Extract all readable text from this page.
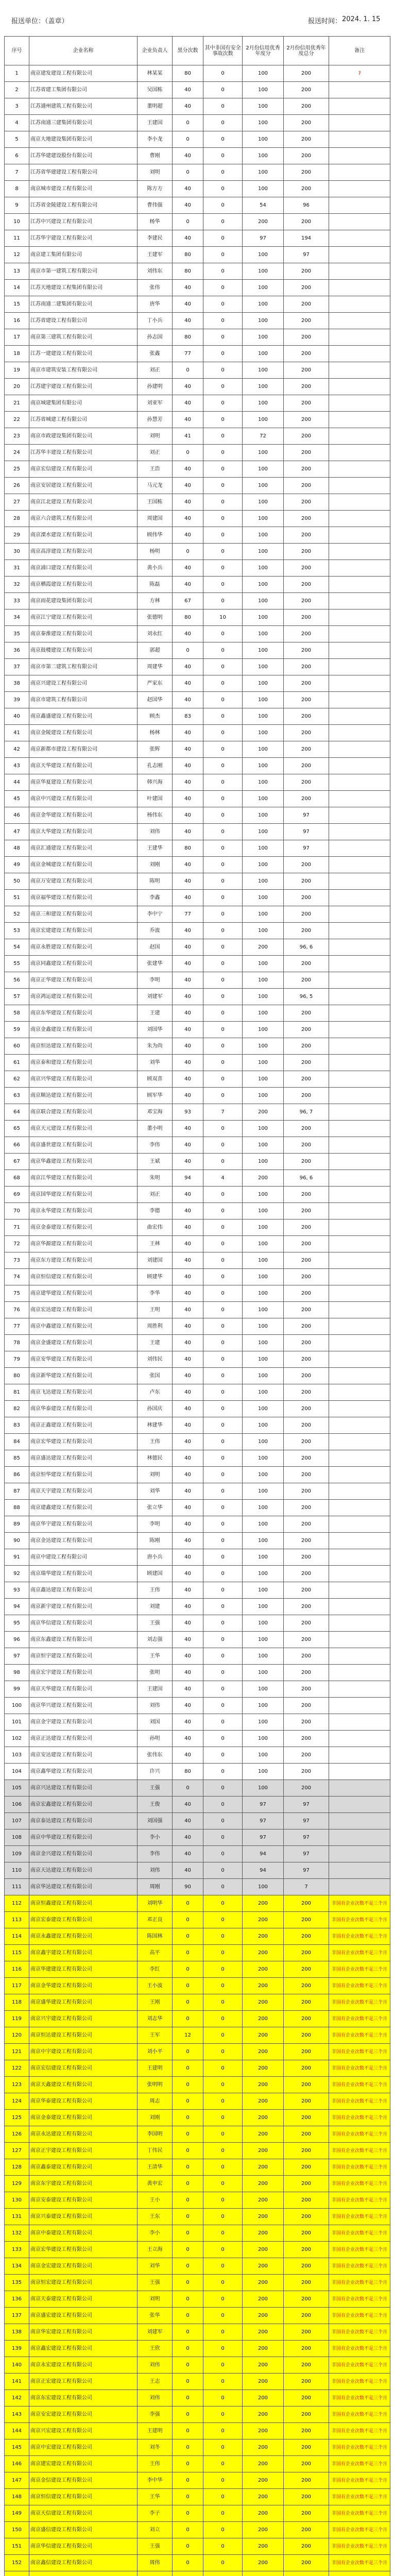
报送单位：（盖章）	报送时间： 2024. 1. 15
序号	企业名称	企业负责人	黑分次数	其中非国有安全事故次数	2月份信用优秀年度分	2月份信用优秀年度总分	备注
1	南京建发建设工程有限公司	林某某	80	0	100	200	7
2	江苏省建工集团有限公司	吴国栋	40	0	100	200	
3	江苏通州建筑工程有限公司	董明超	40	0	100	200	
4	江苏南通三建集团有限公司	王建国	0	0	100	200	
5	南京大地建设集团有限公司	李小龙	0	0	100	200	
6	江苏华建建设股份有限公司	曹刚	40	0	100	200	
7	江苏省华建建设工程有限公司	刘明	0	0	100	200	
8	南京城市建设工程有限公司	陈方方	40	0	100	200	
9	江苏省金陵建设工程有限公司	曹伟强	40	0	54	96	
10	江苏中兴建设工程有限公司	杨华	0	0	200	200	
11	江苏华宇建设工程有限公司	李建民	40	0	97	194	
12	南京建工集团有限公司	王建军	80	0	100	97	
13	南京市第一建筑工程有限公司	刘伟东	80	0	100	200	
14	江苏天地建设工程集团有限公司	张伟	40	0	100	200	
15	江苏南通二建集团有限公司	唐华	40	0	100	200	
16	江苏省建设工程有限公司	丁小兵	40	0	100	200	
17	南京第三建筑工程有限公司	孙志国	80	0	100	200	
18	江苏一建建设工程有限公司	张鑫	77	0	100	200	
19	南京市建筑安装工程有限公司	刘正	0	0	100	200	
20	江苏建宇建设工程有限公司	孙建明	40	0	100	200	
21	南京城建集团有限公司	刘亚军	40	0	100	200	
22	江苏省城建工程有限公司	孙慧芳	40	0	100	200	
23	南京市政建设集团有限公司	刘明	41	0	72	200	
24	江苏华丰建设工程有限公司	刘正	0	0	100	200	
25	南京宏信建设工程有限公司	王浩	40	0	100	200	
26	南京安居建设工程有限公司	马元龙	40	0	100	200	
27	南京江北建设工程有限公司	王国栋	40	0	100	200	
28	南京六合建筑工程有限公司	周建国	40	0	100	200	
29	南京溧水建设工程有限公司	顾伟华	40	0	100	200	
30	南京高淳建设工程有限公司	杨明	0	0	100	200	
31	南京浦口建设工程有限公司	黄小兵	40	0	100	200	
32	南京栖霞建设工程有限公司	陈磊	40	0	100	200	
33	南京雨花建设集团有限公司	方林	67	0	100	200	
34	南京江宁建设工程有限公司	张德明	80	10	100	200	
35	南京秦淮建设工程有限公司	刘永红	40	0	100	200	
36	南京鼓楼建设工程有限公司	郭超	0	0	100	200	
37	南京市第二建筑工程有限公司	周建华	40	0	100	200	
38	南京兴建设工程有限公司	严家东	40	0	100	200	
39	南京市建筑工程有限公司	赵国华	40	0	100	200	
40	南京鑫盛建设工程有限公司	顾杰	83	0	100	200	
41	南京金陵建设工程有限公司	杨林	40	0	100	200	
42	南京新都市建设工程有限公司	张辉	40	0	100	200	
43	南京天华建设工程有限公司	孔志刚	40	0	100	200	
44	南京华夏建设工程有限公司	韩兴海	40	0	100	200	
45	南京中兴建设工程有限公司	叶建国	40	0	100	200	
46	南京金华建设工程有限公司	杨伟东	40	0	100	97	
47	南京大华建设工程有限公司	刘伟	40	0	100	97	
48	南京汇通建设工程有限公司	王建华	80	0	100	97	
49	南京金城建设工程有限公司	刘刚	40	0	100	200	
50	南京万安建设工程有限公司	陈明	40	0	100	200	
51	南京福华建设工程有限公司	李鑫	40	0	100	200	
52	南京三和建设工程有限公司	李中宁	77	0	100	200	
53	南京宏建建设工程有限公司	乔波	40	0	100	200	
54	南京永胜建设工程有限公司	赵国	40	0	200	96, 6	
55	南京同鑫建设工程有限公司	张建华	40	0	100	200	
56	南京正华建设工程有限公司	李明	40	0	100	200	
57	南京鸿运建设工程有限公司	刘建军	40	0	100	96, 5	
58	南京东华建设工程有限公司	王建	40	0	100	200	
59	南京金鑫建设工程有限公司	刘国华	40	0	100	200	
60	南京恒达建设工程有限公司	朱为尚	40	0	100	200	
61	南京泰和建设工程有限公司	刘华	40	0	100	200	
62	南京兴华建设工程有限公司	顾双喜	40	0	100	200	
63	南京顺达建设工程有限公司	顾军华	40	0	100	200	
64	南京联合建设工程有限公司	邓宝海	93	7	200	96, 7	
65	南京天元建设工程有限公司	董小明	40	0	100	200	
66	南京盛世建设工程有限公司	李伟	40	0	100	200	
67	南京华鑫建设工程有限公司	王斌	40	0	100	200	
68	南京江华建设工程有限公司	朱明	94	4	200	96, 6	
69	南京国华建设工程有限公司	刘正	40	0	100	200	
70	南京永华建设工程有限公司	李德	40	0	100	200	
71	南京金泰建设工程有限公司	曲宏伟	40	0	100	200	
72	南京华源建设工程有限公司	王林	40	0	100	200	
73	南京东方建设工程有限公司	刘建国	40	0	100	200	
74	南京恒信建设工程有限公司	顾建华	40	0	100	200	
75	南京建华建设工程有限公司	李华	40	0	100	200	
76	南京宏达建设工程有限公司	王明	40	0	100	200	
77	南京中鑫建设工程有限公司	周胜利	40	0	100	200	
78	南京金盛建设工程有限公司	王建	40	0	100	200	
79	南京安华建设工程有限公司	刘伟民	40	0	100	200	
80	南京新华建设工程有限公司	张国	40	0	100	200	
81	南京飞达建设工程有限公司	卢东	40	0	100	200	
82	南京华泰建设工程有限公司	孙国庆	40	0	100	200	
83	南京正鑫建设工程有限公司	林建华	40	0	100	200	
84	南京宏华建设工程有限公司	王伟	40	0	100	200	
85	南京盛达建设工程有限公司	林德民	40	0	100	200	
86	南京恒华建设工程有限公司	刘明	40	0	100	200	
87	南京天宇建设工程有限公司	刘华	40	0	100	200	
88	南京建鑫建设工程有限公司	张立华	40	0	100	200	
89	南京华宇建设工程有限公司	李明	40	0	100	200	
90	南京金达建设工程有限公司	陈刚	40	0	100	200	
91	南京中建设工程有限公司	唐小兵	40	0	100	200	
92	南京瑞华建设工程有限公司	顾建国	40	0	100	200	
93	南京鑫达建设工程有限公司	王伟	40	0	100	200	
94	南京新宇建设工程有限公司	刘建	40	0	100	200	
95	南京华信建设工程有限公司	王强	40	0	100	200	
96	南京东鑫建设工程有限公司	刘志强	40	0	100	200	
97	南京恒宇建设工程有限公司	王华	40	0	100	200	
98	南京宏宇建设工程有限公司	张明	40	0	100	200	
99	南京天华建设工程有限公司	王建国	40	0	100	200	
100	南京华兴建设工程有限公司	刘伟	40	0	100	200	
101	南京金宇建设工程有限公司	刘国	40	0	100	200	
102	南京正达建设工程有限公司	孙明	40	0	100	200	
103	南京安达建设工程有限公司	张伟东	40	0	100	200	
104	南京鑫华建设工程有限公司	许兴	80	0	100	200	
105	南京兴达建设工程有限公司	王强	0	0	100	200	
106	南京宏鑫建设工程有限公司	王俊	40	0	97	97	
107	南京泰达建设工程有限公司	刘国强	40	0	97	97	
108	南京中华建设工程有限公司	李小	40	0	97	97	
109	南京金兴建设工程有限公司	李伟	40	0	94	97	
110	南京天达建设工程有限公司	刘伟	40	0	94	97	
111	南京华达建设工程有限公司	周刚	90	0	100	7	
112	南京恒鑫建设工程有限公司	刘明华	0	0	200	200	非国有企业次数不足三个月
113	南京宏泰建设工程有限公司	邓正良	0	0	200	200	非国有企业次数不足三个月
114	南京永鑫建设工程有限公司	陈国林	0	0	200	200	非国有企业次数不足三个月
115	南京鑫宇建设工程有限公司	高平	0	0	200	200	非国有企业次数不足三个月
116	南京华建建设工程有限公司	李红	0	0	200	200	非国有企业次数不足三个月
117	南京金华建设工程有限公司	王小波	0	0	200	200	非国有企业次数不足三个月
118	南京盛华建设工程有限公司	王刚	0	0	200	200	非国有企业次数不足三个月
119	南京兴宇建设工程有限公司	刘志华	0	0	200	200	非国有企业次数不足三个月
120	南京恒达建设工程有限公司	王军	12	0	200	200	非国有企业次数不足三个月
121	南京中宇建设工程有限公司	刘小平	0	0	200	200	非国有企业次数不足三个月
122	南京宏信建设工程有限公司	王建明	0	0	200	200	非国有企业次数不足三个月
123	南京天鑫建设工程有限公司	张明明	0	0	200	200	非国有企业次数不足三个月
124	南京华泰建设工程有限公司	周志	0	0	200	200	非国有企业次数不足三个月
125	南京金泰建设工程有限公司	刘刚	0	0	200	200	非国有企业次数不足三个月
126	南京永达建设工程有限公司	李国明	0	0	200	200	非国有企业次数不足三个月
127	南京正宇建设工程有限公司	丁伟民	0	0	200	200	非国有企业次数不足三个月
128	南京鑫泰建设工程有限公司	王清华	0	0	200	200	非国有企业次数不足三个月
129	南京东宇建设工程有限公司	黄申宏	0	0	200	200	非国有企业次数不足三个月
130	南京安泰建设工程有限公司	王小	0	0	200	200	非国有企业次数不足三个月
131	南京兴泰建设工程有限公司	王东	0	0	200	200	非国有企业次数不足三个月
132	南京中泰建设工程有限公司	李小	0	0	200	200	非国有企业次数不足三个月
133	南京宏华建设工程有限公司	王立海	0	0	200	200	非国有企业次数不足三个月
134	南京金宏建设工程有限公司	刘华	0	0	200	200	非国有企业次数不足三个月
135	南京恒宏建设工程有限公司	王强	0	0	200	200	非国有企业次数不足三个月
136	南京天泰建设工程有限公司	刘明	0	0	200	200	非国有企业次数不足三个月
137	南京盛宏建设工程有限公司	张华	0	0	200	200	非国有企业次数不足三个月
138	南京华宏建设工程有限公司	刘建军	0	0	200	200	非国有企业次数不足三个月
139	南京鑫宏建设工程有限公司	王欣	0	0	200	200	非国有企业次数不足三个月
140	南京永宏建设工程有限公司	刘伟	0	0	200	200	非国有企业次数不足三个月
141	南京正宏建设工程有限公司	王志	0	0	200	200	非国有企业次数不足三个月
142	南京东宏建设工程有限公司	刘伟	0	0	200	200	非国有企业次数不足三个月
143	南京安宏建设工程有限公司	李强	0	0	200	200	非国有企业次数不足三个月
144	南京兴宏建设工程有限公司	王建明	0	0	200	200	非国有企业次数不足三个月
145	南京中宏建设工程有限公司	刘冬	0	0	200	200	非国有企业次数不足三个月
146	南京建宏建设工程有限公司	王伟	0	0	200	200	非国有企业次数不足三个月
147	南京金信建设工程有限公司	李中华	0	0	200	200	非国有企业次数不足三个月
148	南京恒信建设工程有限公司	王华	0	0	200	200	非国有企业次数不足三个月
149	南京天信建设工程有限公司	李子	0	0	200	200	非国有企业次数不足三个月
150	南京盛信建设工程有限公司	刘立	0	0	200	200	非国有企业次数不足三个月
151	南京华信建设工程有限公司	王强	0	0	200	200	非国有企业次数不足三个月
152	南京鑫信建设工程有限公司	周伟	0	0	200	200	非国有企业次数不足三个月
